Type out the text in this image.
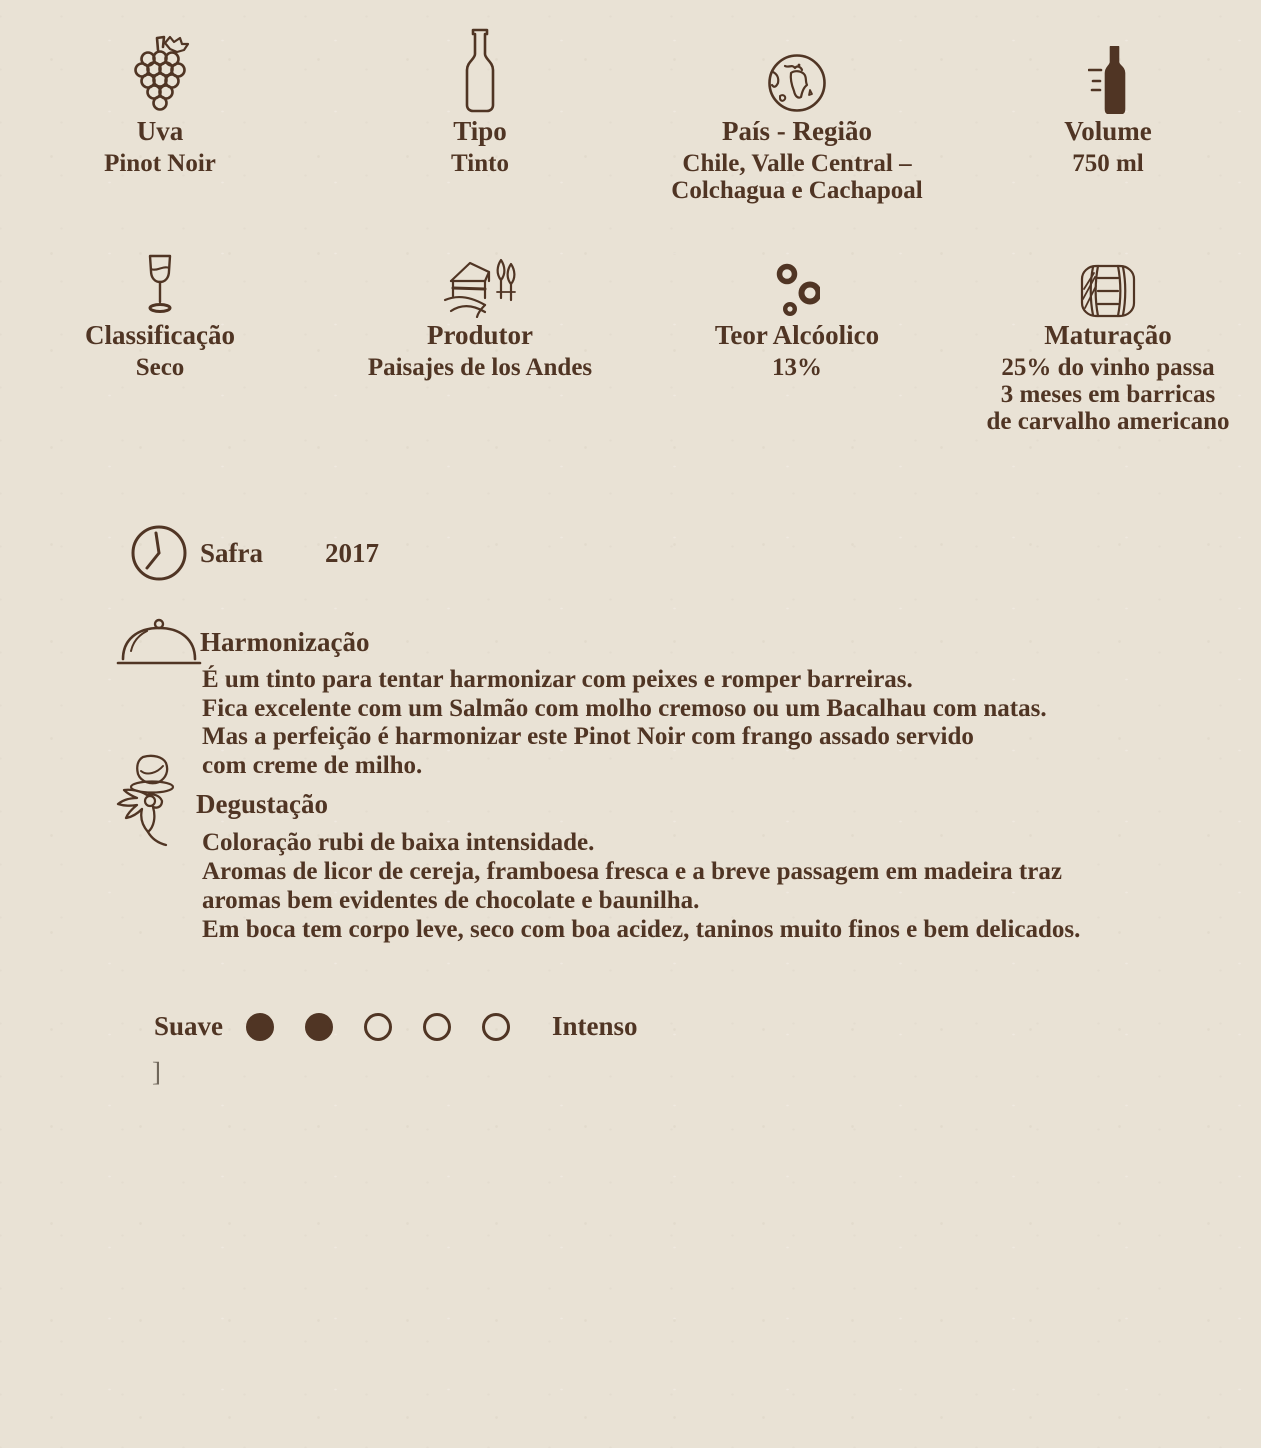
Uva
Pinot Noir
Tipo
Tinto
País - Região
Chile, Valle Central –
Colchagua e Cachapoal
Volume
750 ml
Classificação
Seco
Produtor
Paisajes de los Andes
Teor Alcóolico
13%
Maturação
25% do vinho passa
3 meses em barricas
de carvalho americano
Safra 2017
Harmonização
É um tinto para tentar harmonizar com peixes e romper barreiras.
Fica excelente com um Salmão com molho cremoso ou um Bacalhau com natas.
Mas a perfeição é harmonizar este Pinot Noir com frango assado servido
com creme de milho.
Degustação
Coloração rubi de baixa intensidade.
Aromas de licor de cereja, framboesa fresca e a breve passagem em madeira traz
aromas bem evidentes de chocolate e baunilha.
Em boca tem corpo leve, seco com boa acidez, taninos muito finos e bem delicados.
Suave	Intenso
]
